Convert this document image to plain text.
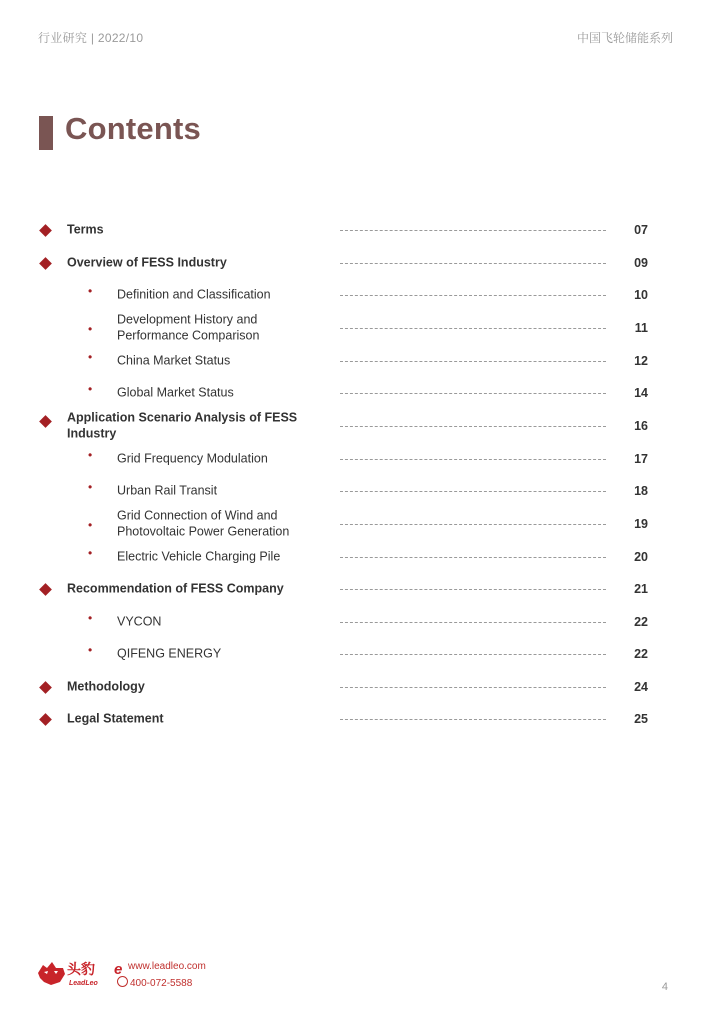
行业研究 | 2022/10	中国飞轮储能系列
Contents
Terms	07
Overview of FESS Industry	09
• Definition and Classification	10
•
Development History and Performance Comparison	11
• China Market Status	12
• Global Market Status	14
Application Scenario Analysis of FESS Industry	16
• Grid Frequency Modulation	17
• Urban Rail Transit	18
•
Grid Connection of Wind and Photovoltaic Power Generation	19
• Electric Vehicle Charging Pile	20
Recommendation of FESS Company	21
• VYCON	22
• QIFENG ENERGY	22
Methodology	24
Legal Statement	25
头豹
LeadLeo
e www.leadleo.com
400-072-5588	4
